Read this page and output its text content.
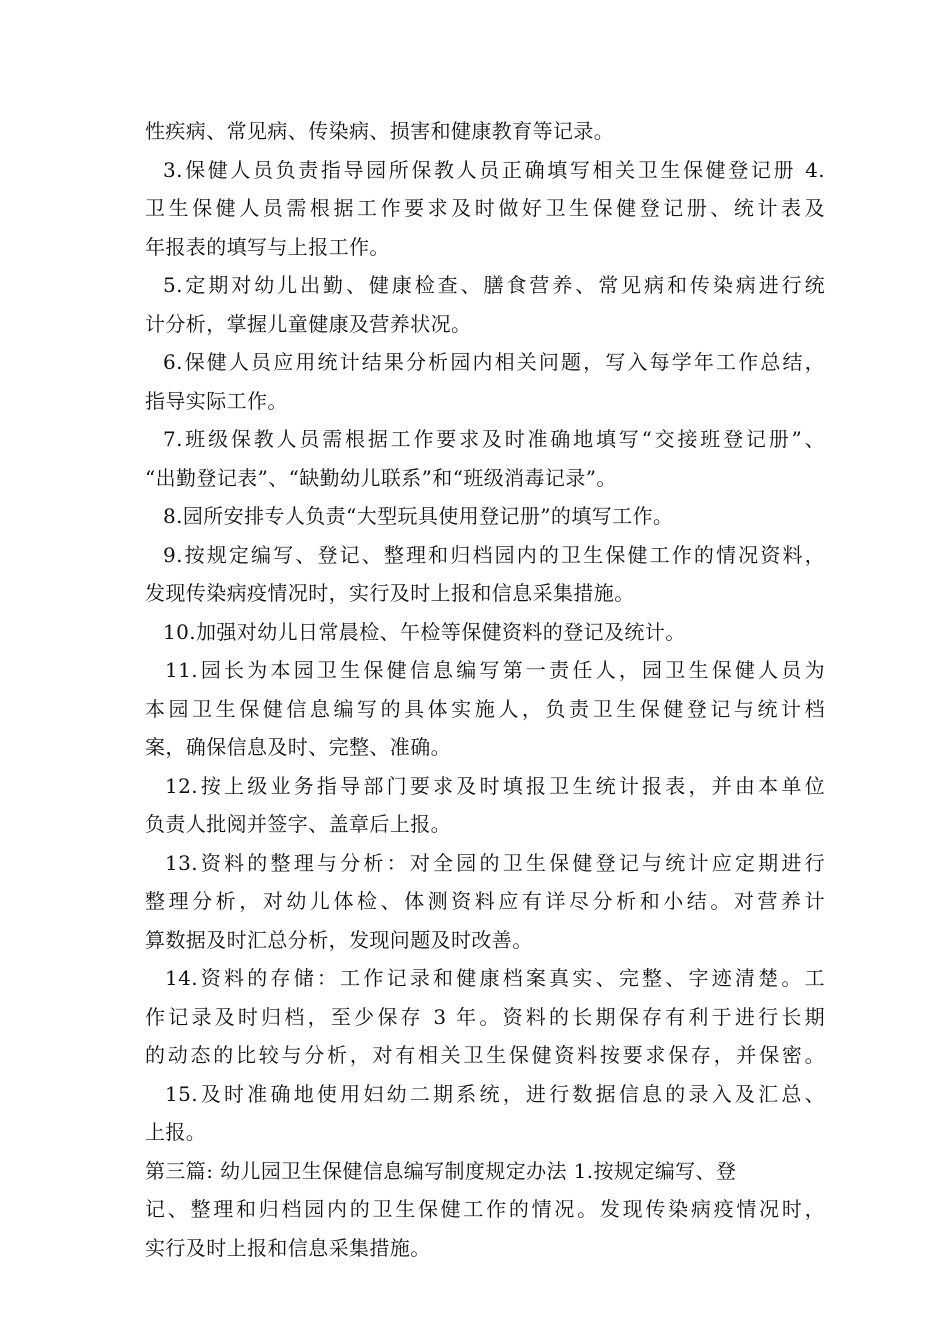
性疾病、常见病、传染病、损害和健康教育等记录。
3.保健人员负责指导园所保教人员正确填写相关卫生保健登记册 4.
卫生保健人员需根据工作要求及时做好卫生保健登记册、统计表及
年报表的填写与上报工作。
5.定期对幼儿出勤、健康检查、膳食营养、常见病和传染病进行统
计分析，掌握儿童健康及营养状况。
6.保健人员应用统计结果分析园内相关问题，写入每学年工作总结，
指导实际工作。
7.班级保教人员需根据工作要求及时准确地填写“交接班登记册”、
“出勤登记表”、“缺勤幼儿联系”和“班级消毒记录”。
8.园所安排专人负责“大型玩具使用登记册”的填写工作。
9.按规定编写、登记、整理和归档园内的卫生保健工作的情况资料，
发现传染病疫情况时，实行及时上报和信息采集措施。
10.加强对幼儿日常晨检、午检等保健资料的登记及统计。
11.园长为本园卫生保健信息编写第一责任人，园卫生保健人员为
本园卫生保健信息编写的具体实施人，负责卫生保健登记与统计档
案，确保信息及时、完整、准确。
12.按上级业务指导部门要求及时填报卫生统计报表，并由本单位
负责人批阅并签字、盖章后上报。
13.资料的整理与分析：对全园的卫生保健登记与统计应定期进行
整理分析，对幼儿体检、体测资料应有详尽分析和小结。对营养计
算数据及时汇总分析，发现问题及时改善。
14.资料的存储：工作记录和健康档案真实、完整、字迹清楚。工
作记录及时归档，至少保存 3 年。资料的长期保存有利于进行长期
的动态的比较与分析，对有相关卫生保健资料按要求保存，并保密。
15.及时准确地使用妇幼二期系统，进行数据信息的录入及汇总、
上报。
第三篇: 幼儿园卫生保健信息编写制度规定办法 1.按规定编写、登
记、整理和归档园内的卫生保健工作的情况。发现传染病疫情况时，
实行及时上报和信息采集措施。
